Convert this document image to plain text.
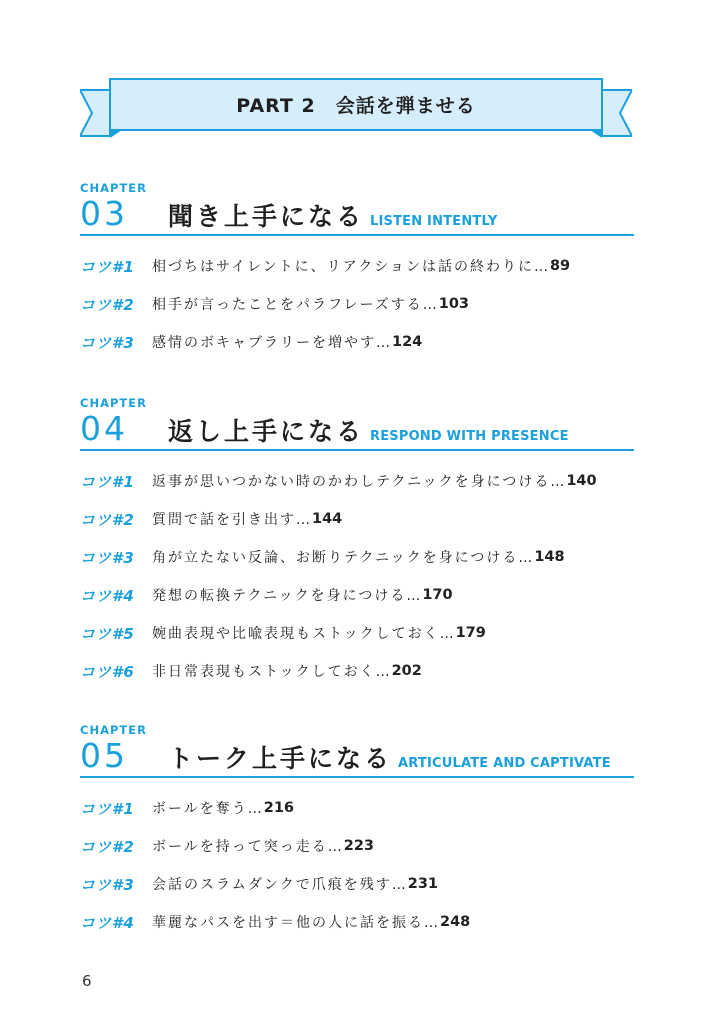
PART 2　会話を弾ませる
CHAPTER
03	聞き上手になる LISTEN INTENTLY
コツ#1	相づちはサイレントに、リアクションは話の終わりに… 89
コツ#2	相手が言ったことをパラフレーズする… 103
コツ#3	感情のボキャブラリーを増やす… 124
CHAPTER
04	返し上手になる RESPOND WITH PRESENCE
コツ#1	返事が思いつかない時のかわしテクニックを身につける… 140
コツ#2	質問で話を引き出す… 144
コツ#3	角が立たない反論、お断りテクニックを身につける… 148
コツ#4	発想の転換テクニックを身につける… 170
コツ#5	婉曲表現や比喩表現もストックしておく… 179
コツ#6	非日常表現もストックしておく… 202
CHAPTER
05	トーク上手になる ARTICULATE AND CAPTIVATE
コツ#1	ボールを奪う… 216
コツ#2	ボールを持って突っ走る… 223
コツ#3	会話のスラムダンクで爪痕を残す… 231
コツ#4	華麗なパスを出す＝他の人に話を振る… 248
6
